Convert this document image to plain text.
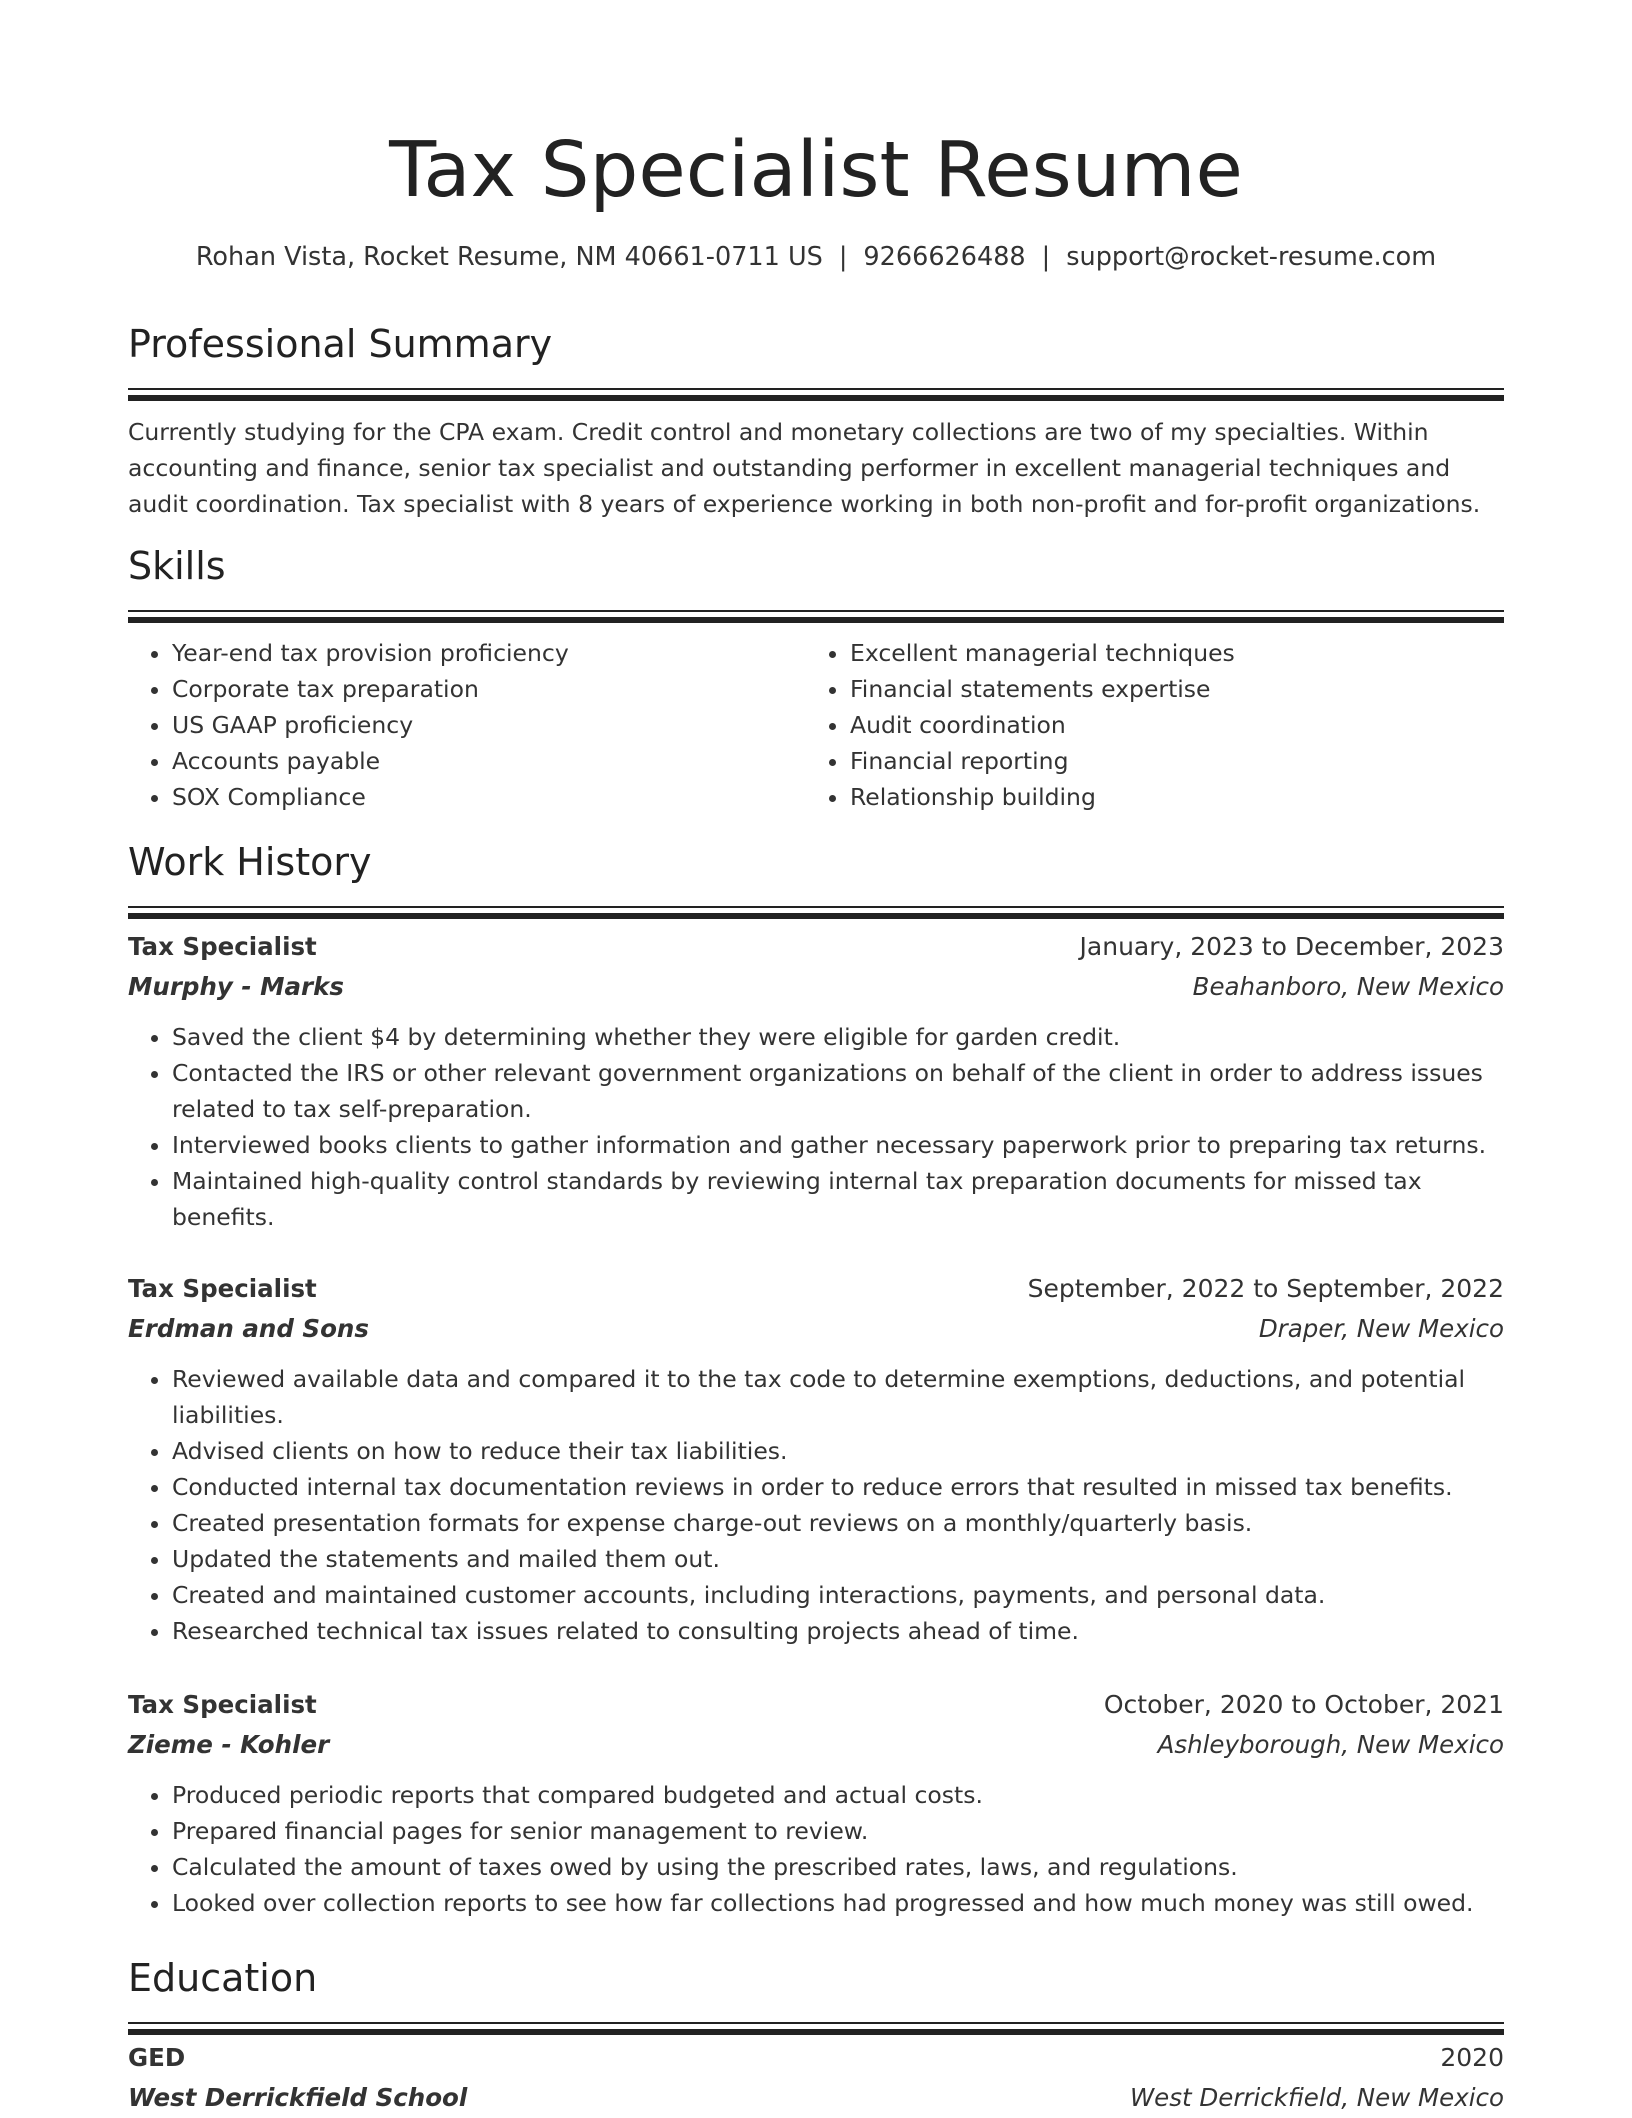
Tax Specialist Resume
Rohan Vista, Rocket Resume, NM 40661-0711 US | 9266626488 | support@rocket-resume.com
Professional Summary
Currently studying for the CPA exam. Credit control and monetary collections are two of my specialties. Within accounting and finance, senior tax specialist and outstanding performer in excellent managerial techniques and audit coordination. Tax specialist with 8 years of experience working in both non-profit and for-profit organizations.
Skills
• Year-end tax provision proficiency
• Corporate tax preparation
• US GAAP proficiency
• Accounts payable
• SOX Compliance
• Excellent managerial techniques
• Financial statements expertise
• Audit coordination
• Financial reporting
• Relationship building
Work History
Tax Specialist	January, 2023 to December, 2023
Murphy - Marks	Beahanboro, New Mexico
• Saved the client $4 by determining whether they were eligible for garden credit.
• Contacted the IRS or other relevant government organizations on behalf of the client in order to address issues related to tax self-preparation.
• Interviewed books clients to gather information and gather necessary paperwork prior to preparing tax returns.
• Maintained high-quality control standards by reviewing internal tax preparation documents for missed tax benefits.
Tax Specialist	September, 2022 to September, 2022
Erdman and Sons	Draper, New Mexico
• Reviewed available data and compared it to the tax code to determine exemptions, deductions, and potential liabilities.
• Advised clients on how to reduce their tax liabilities.
• Conducted internal tax documentation reviews in order to reduce errors that resulted in missed tax benefits.
• Created presentation formats for expense charge-out reviews on a monthly/quarterly basis.
• Updated the statements and mailed them out.
• Created and maintained customer accounts, including interactions, payments, and personal data.
• Researched technical tax issues related to consulting projects ahead of time.
Tax Specialist	October, 2020 to October, 2021
Zieme - Kohler	Ashleyborough, New Mexico
• Produced periodic reports that compared budgeted and actual costs.
• Prepared financial pages for senior management to review.
• Calculated the amount of taxes owed by using the prescribed rates, laws, and regulations.
• Looked over collection reports to see how far collections had progressed and how much money was still owed.
Education
GED	2020
West Derrickfield School	West Derrickfield, New Mexico
